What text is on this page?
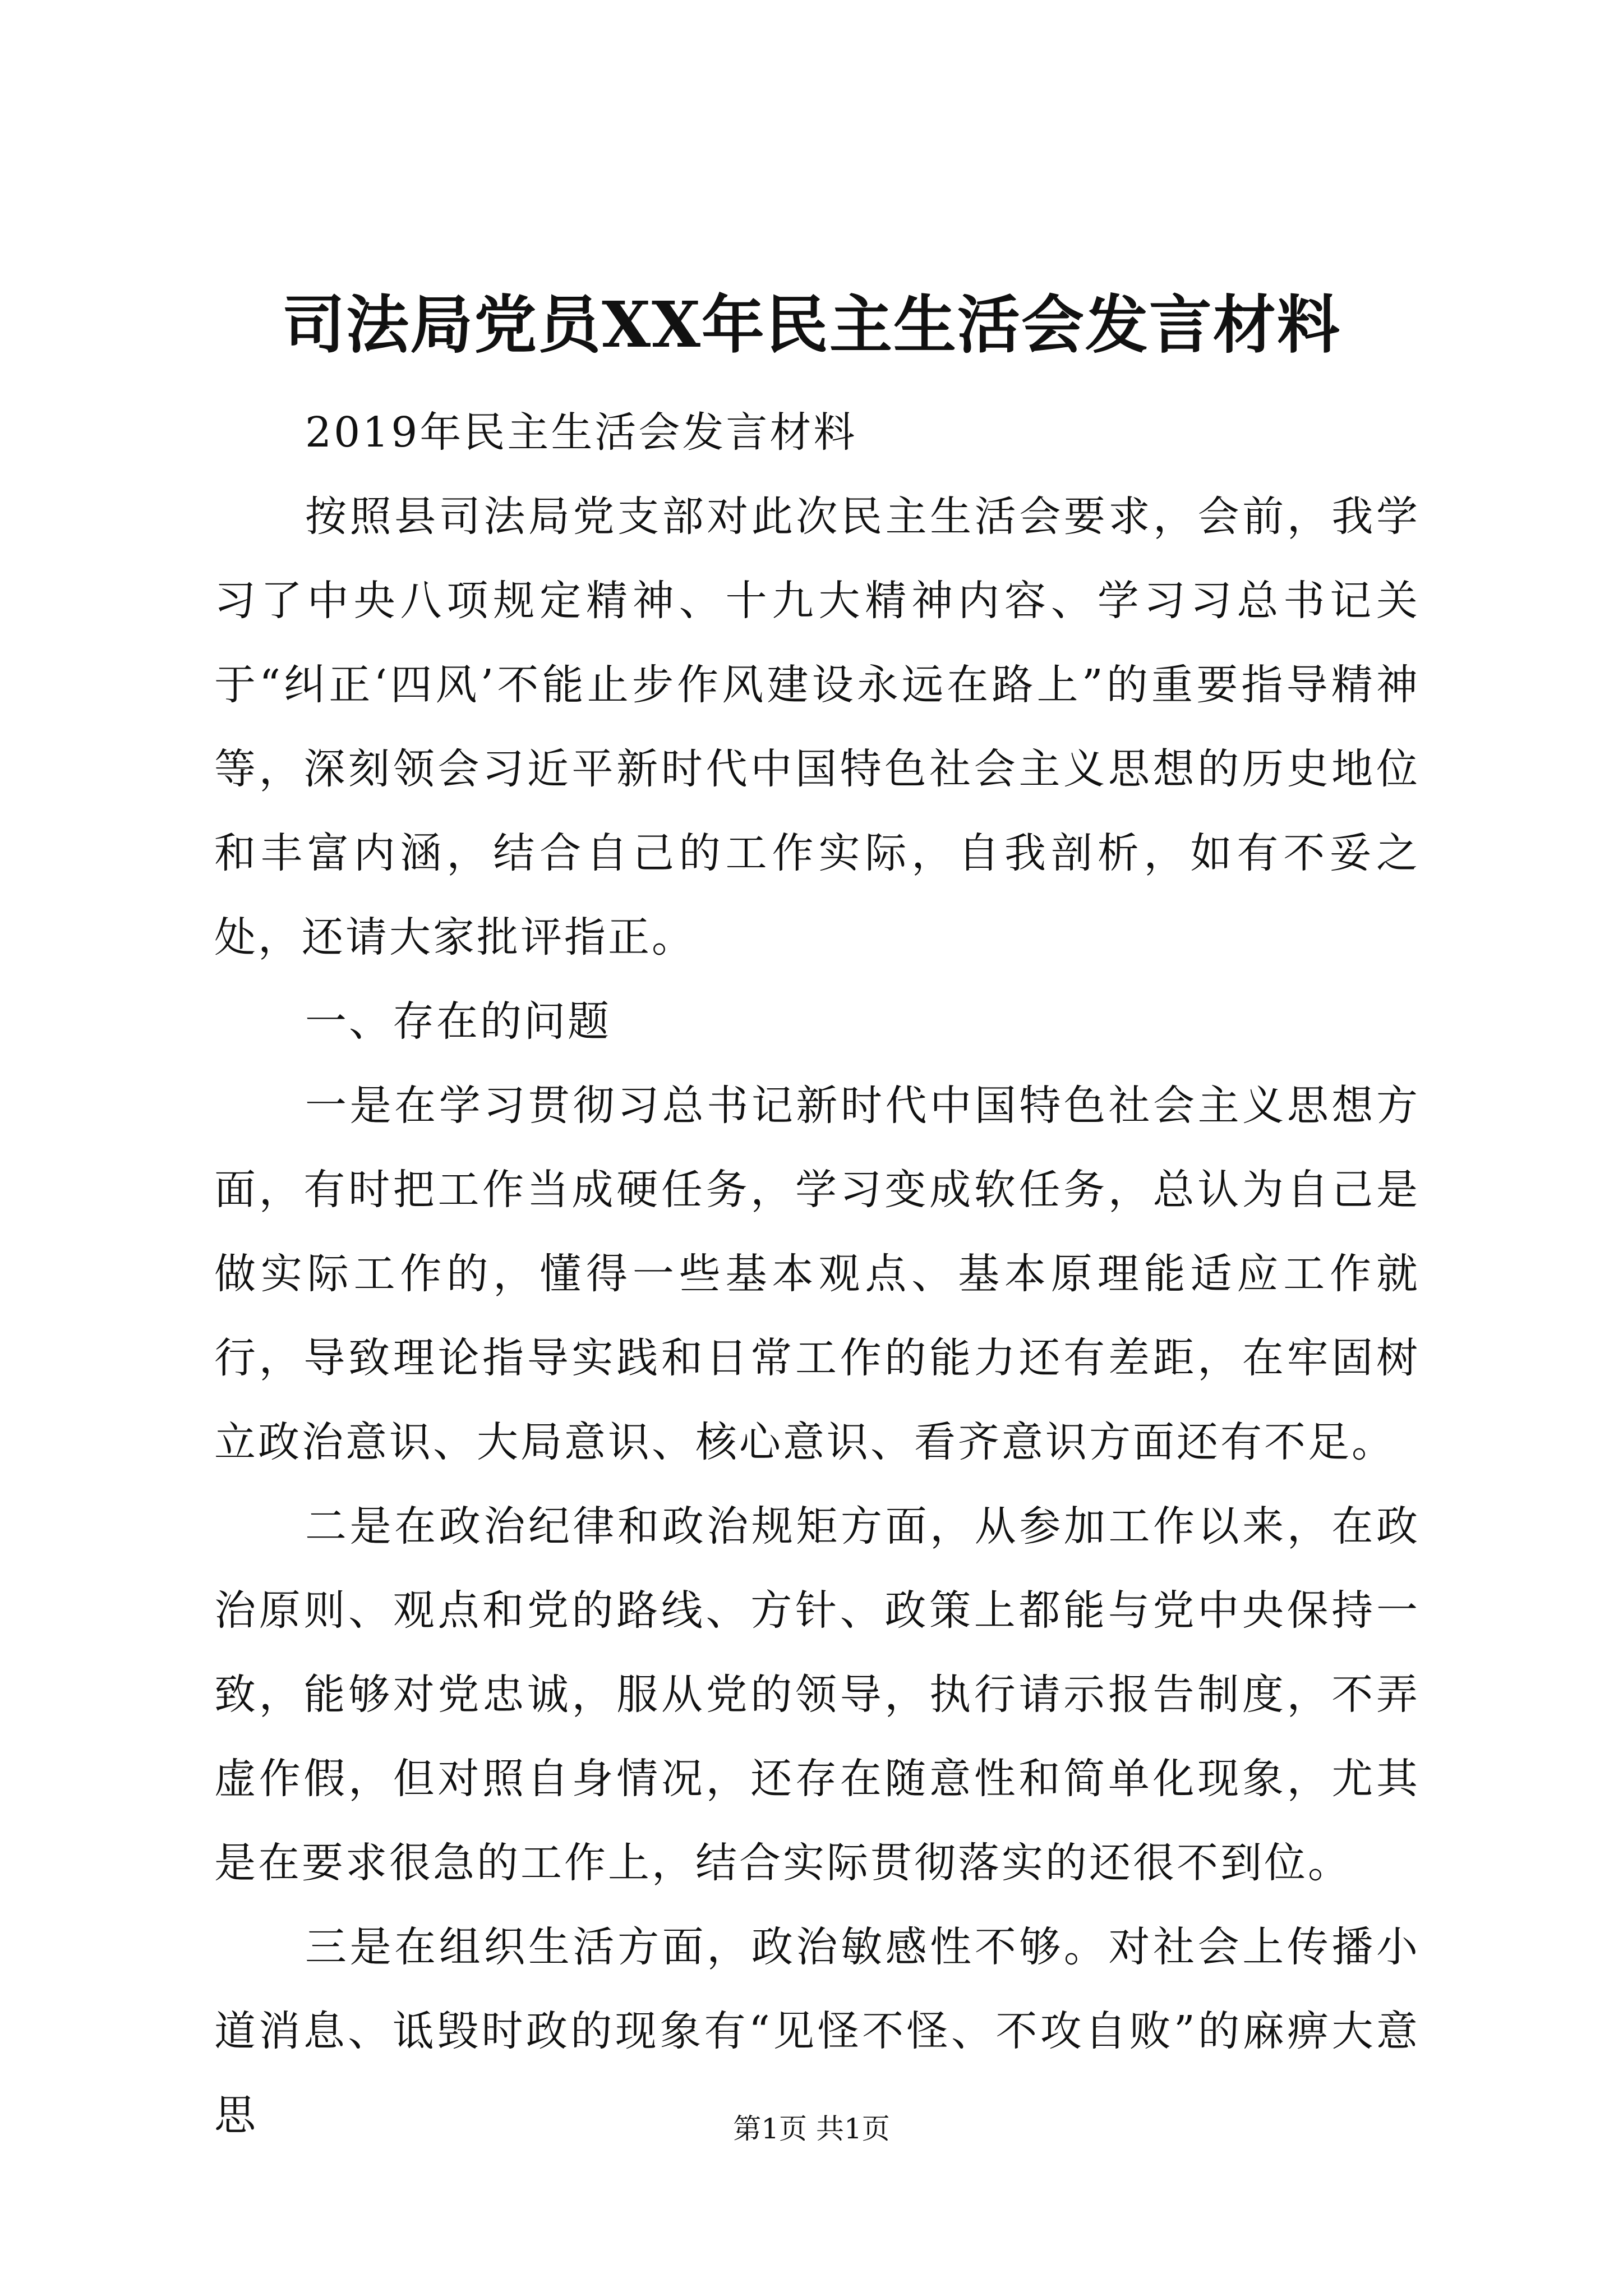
司法局党员XX年民主生活会发言材料

2019年民主生活会发言材料

按照县司法局党支部对此次民主生活会要求，会前，我学习了中央八项规定精神、十九大精神内容、学习习总书记关于“纠正‘四风’不能止步作风建设永远在路上”的重要指导精神等，深刻领会习近平新时代中国特色社会主义思想的历史地位和丰富内涵，结合自己的工作实际，自我剖析，如有不妥之处，还请大家批评指正。

一、存在的问题

一是在学习贯彻习总书记新时代中国特色社会主义思想方面，有时把工作当成硬任务，学习变成软任务，总认为自己是做实际工作的，懂得一些基本观点、基本原理能适应工作就行，导致理论指导实践和日常工作的能力还有差距，在牢固树立政治意识、大局意识、核心意识、看齐意识方面还有不足。

二是在政治纪律和政治规矩方面，从参加工作以来，在政治原则、观点和党的路线、方针、政策上都能与党中央保持一致，能够对党忠诚，服从党的领导，执行请示报告制度，不弄虚作假，但对照自身情况，还存在随意性和简单化现象，尤其是在要求很急的工作上，结合实际贯彻落实的还很不到位。

三是在组织生活方面，政治敏感性不够。对社会上传播小道消息、诋毁时政的现象有“见怪不怪、不攻自败”的麻痹大意思	第1页 共1页
